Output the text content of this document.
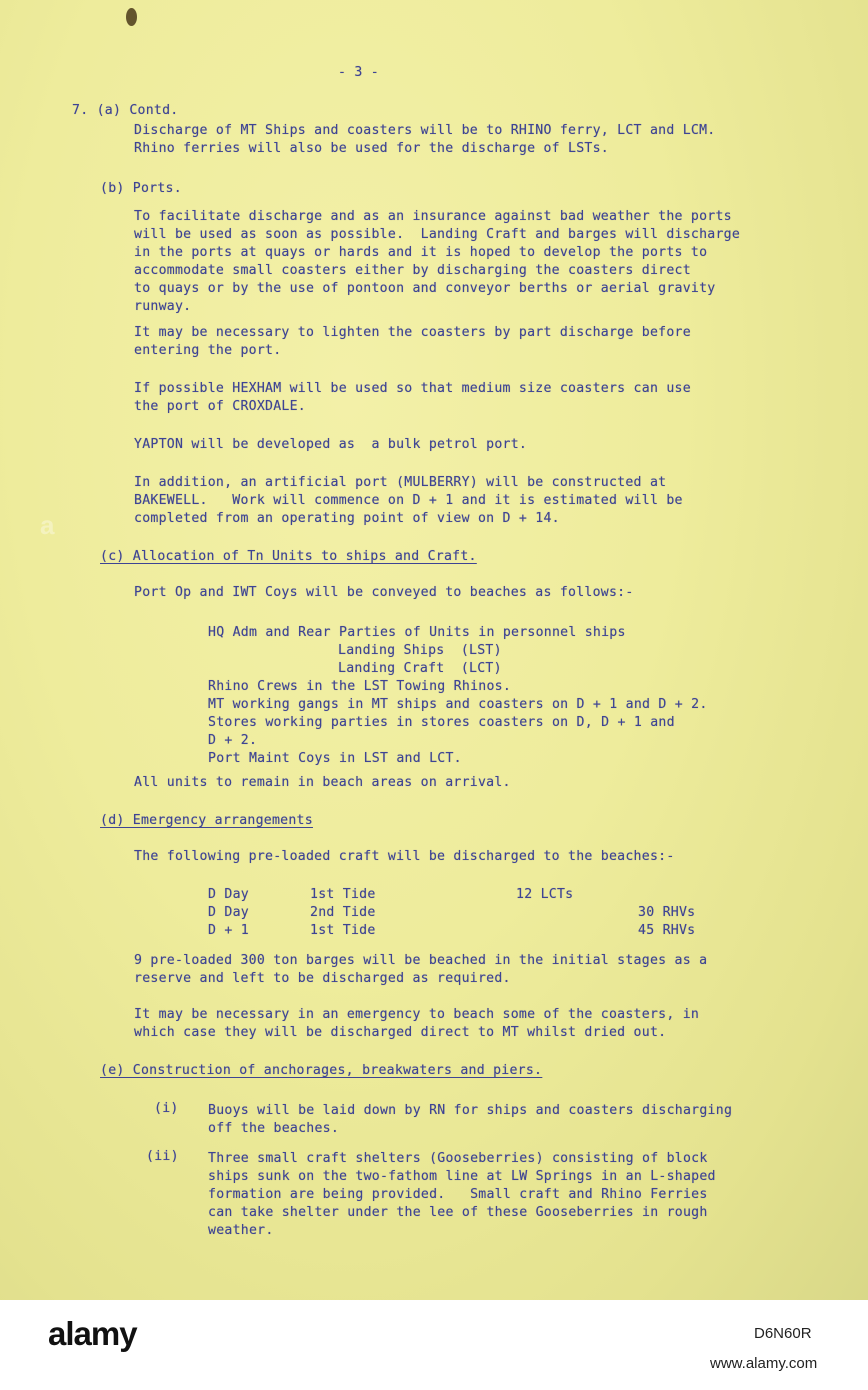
a
- 3 -
7. (a) Contd.
Discharge of MT Ships and coasters will be to RHINO ferry, LCT and LCM.
Rhino ferries will also be used for the discharge of LSTs.
(b) Ports.
To facilitate discharge and as an insurance against bad weather the ports
will be used as soon as possible.  Landing Craft and barges will discharge
in the ports at quays or hards and it is hoped to develop the ports to
accommodate small coasters either by discharging the coasters direct
to quays or by the use of pontoon and conveyor berths or aerial gravity
runway.
It may be necessary to lighten the coasters by part discharge before
entering the port.
If possible HEXHAM will be used so that medium size coasters can use
the port of CROXDALE.
YAPTON will be developed as  a bulk petrol port.
In addition, an artificial port (MULBERRY) will be constructed at
BAKEWELL.   Work will commence on D + 1 and it is estimated will be
completed from an operating point of view on D + 14.
(c) Allocation of Tn Units to ships and Craft.
Port Op and IWT Coys will be conveyed to beaches as follows:-
HQ Adm and Rear Parties of Units in personnel ships
Landing Ships  (LST)
Landing Craft  (LCT)
Rhino Crews in the LST Towing Rhinos.
MT working gangs in MT ships and coasters on D + 1 and D + 2.
Stores working parties in stores coasters on D, D + 1 and
D + 2.
Port Maint Coys in LST and LCT.
All units to remain in beach areas on arrival.
(d) Emergency arrangements
The following pre-loaded craft will be discharged to the beaches:-
D Day	1st Tide	12 LCTs
D Day	2nd Tide	30 RHVs
D + 1	1st Tide	45 RHVs
9 pre-loaded 300 ton barges will be beached in the initial stages as a
reserve and left to be discharged as required.
It may be necessary in an emergency to beach some of the coasters, in
which case they will be discharged direct to MT whilst dried out.
(e) Construction of anchorages, breakwaters and piers.
(i) Buoys will be laid down by RN for ships and coasters discharging
off the beaches.
(ii) Three small craft shelters (Gooseberries) consisting of block
ships sunk on the two-fathom line at LW Springs in an L-shaped
formation are being provided.   Small craft and Rhino Ferries
can take shelter under the lee of these Gooseberries in rough
weather.
alamy	D6N60R
www.alamy.com
